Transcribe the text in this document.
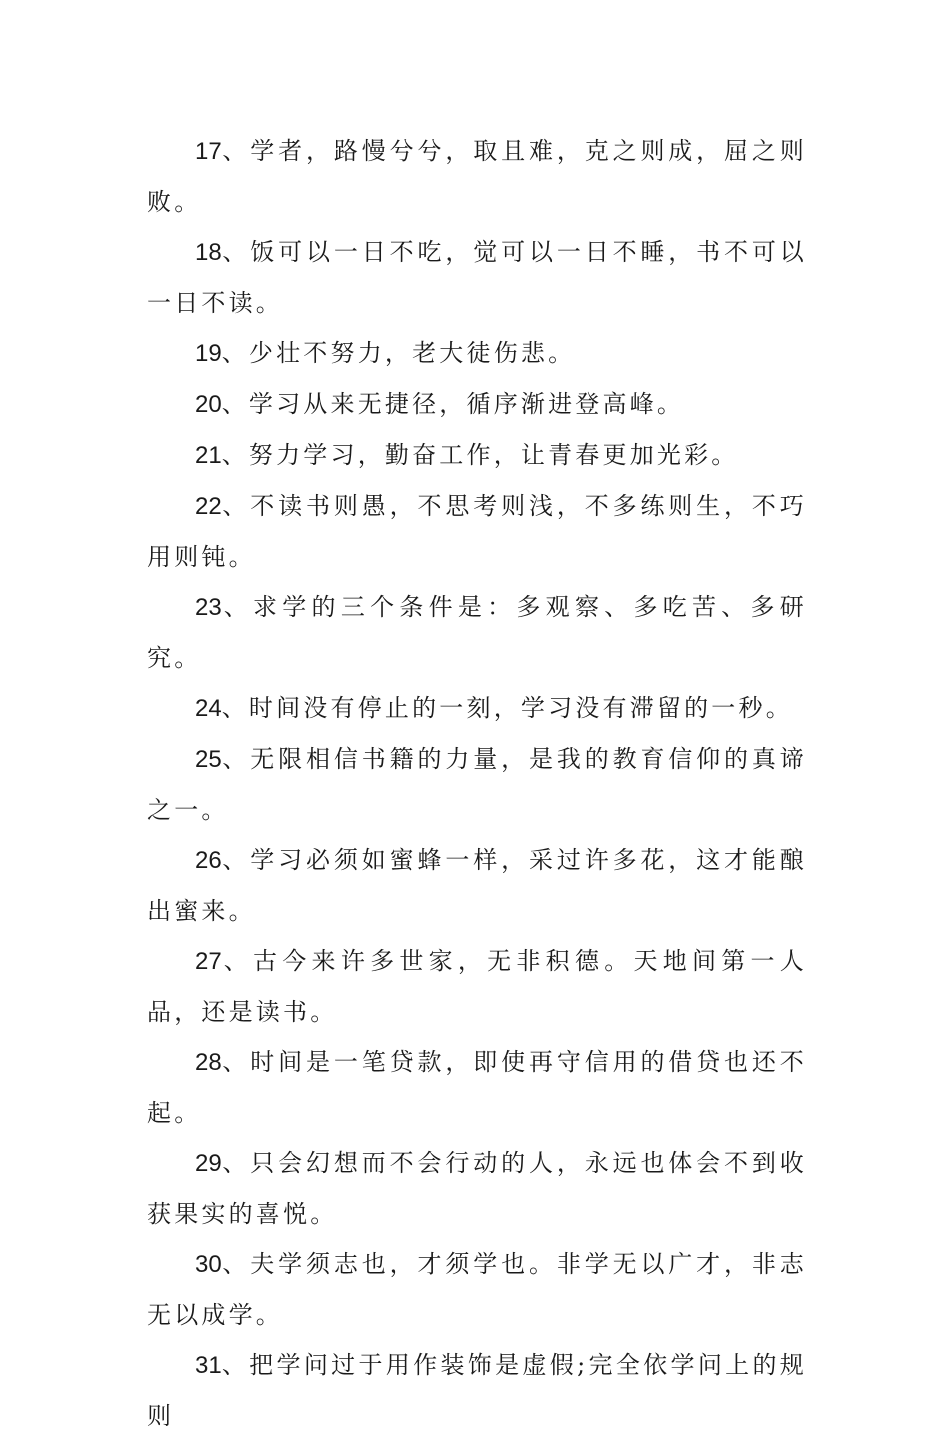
17、学者，路慢兮兮，取且难，克之则成，屈之则败。

18、饭可以一日不吃，觉可以一日不睡，书不可以一日不读。

19、少壮不努力，老大徒伤悲。

20、学习从来无捷径，循序渐进登高峰。

21、努力学习，勤奋工作，让青春更加光彩。

22、不读书则愚，不思考则浅，不多练则生，不巧用则钝。

23、求学的三个条件是：多观察、多吃苦、多研究。

24、时间没有停止的一刻，学习没有滞留的一秒。

25、无限相信书籍的力量，是我的教育信仰的真谛之一。

26、学习必须如蜜蜂一样，采过许多花，这才能酿出蜜来。

27、古今来许多世家，无非积德。天地间第一人品，还是读书。

28、时间是一笔贷款，即使再守信用的借贷也还不起。

29、只会幻想而不会行动的人，永远也体会不到收获果实的喜悦。

30、夫学须志也，才须学也。非学无以广才，非志无以成学。

31、把学问过于用作装饰是虚假;完全依学问上的规则
